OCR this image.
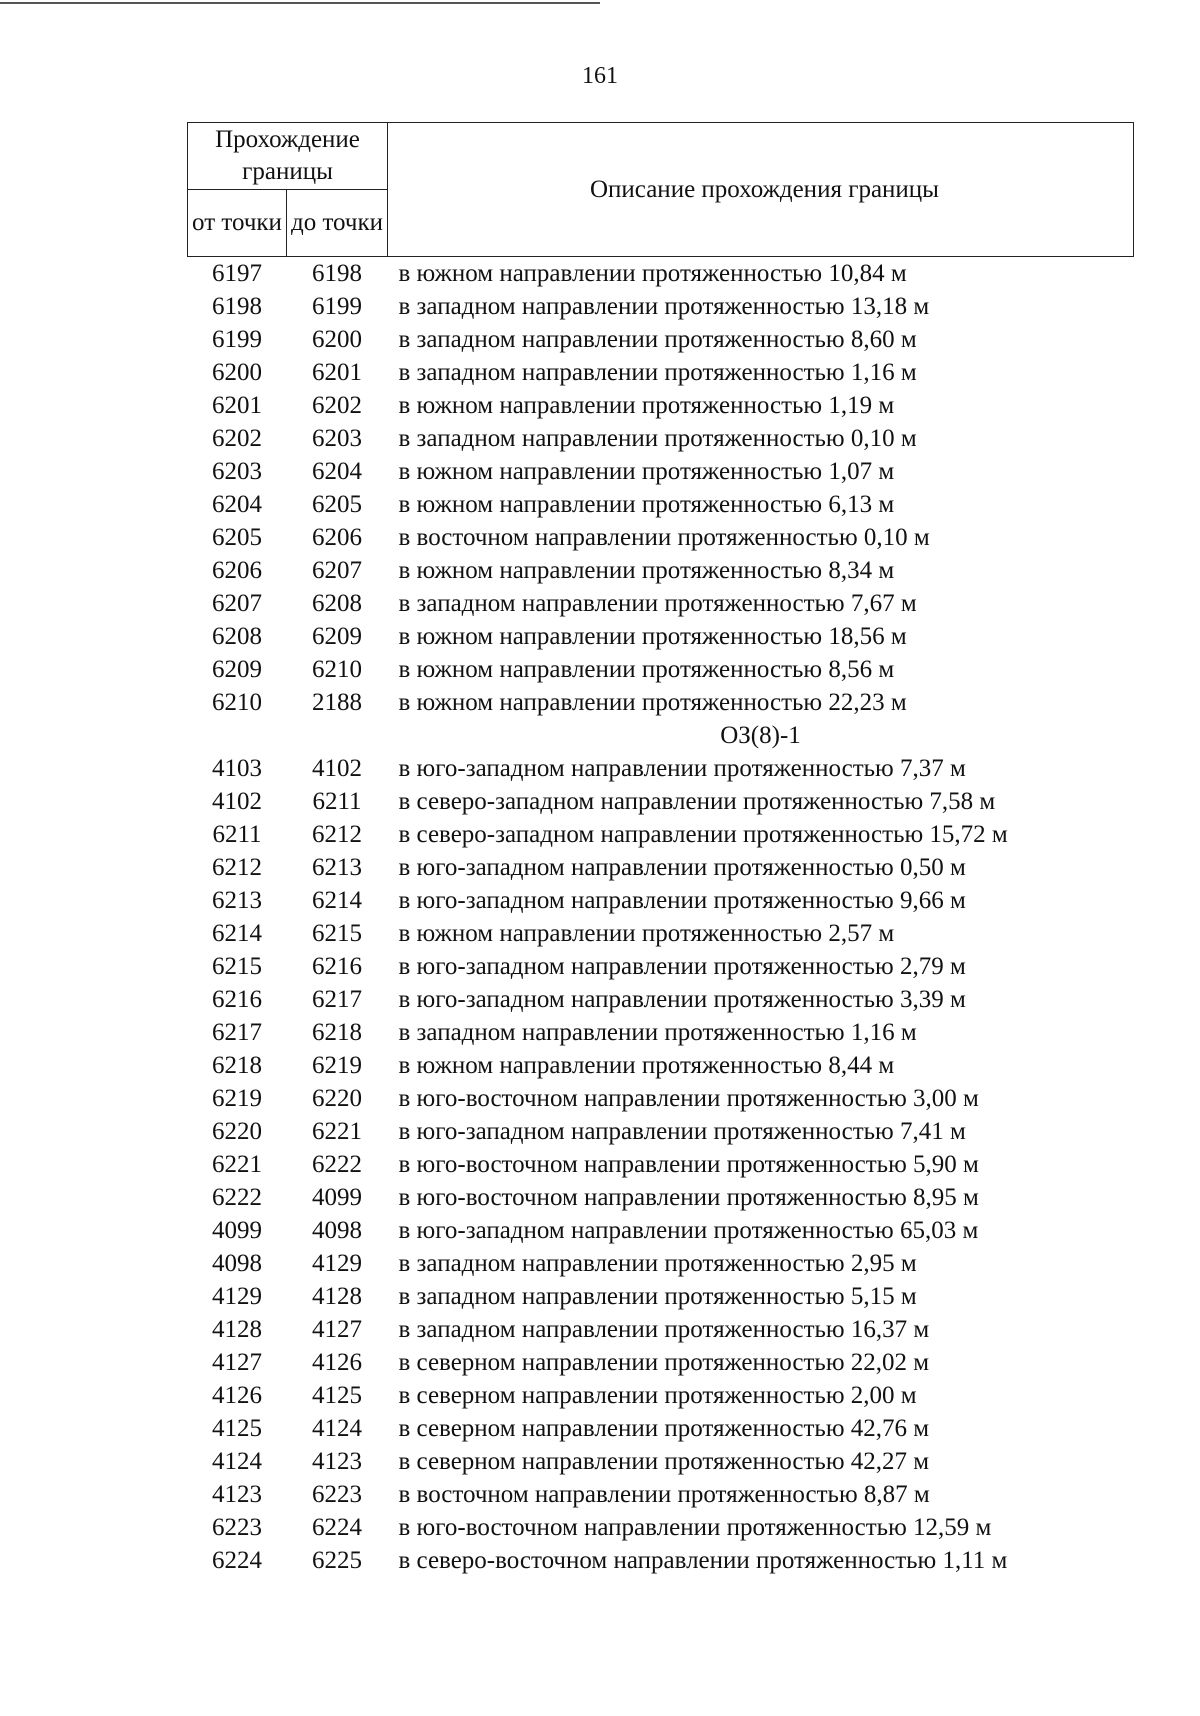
161
Прохождение границы		Описание прохождения границы
от точки	до точки	
6197	6198	в южном направлении протяженностью 10,84 м
6198	6199	в западном направлении протяженностью 13,18 м
6199	6200	в западном направлении протяженностью 8,60 м
6200	6201	в западном направлении протяженностью 1,16 м
6201	6202	в южном направлении протяженностью 1,19 м
6202	6203	в западном направлении протяженностью 0,10 м
6203	6204	в южном направлении протяженностью 1,07 м
6204	6205	в южном направлении протяженностью 6,13 м
6205	6206	в восточном направлении протяженностью 0,10 м
6206	6207	в южном направлении протяженностью 8,34 м
6207	6208	в западном направлении протяженностью 7,67 м
6208	6209	в южном направлении протяженностью 18,56 м
6209	6210	в южном направлении протяженностью 8,56 м
6210	2188	в южном направлении протяженностью 22,23 м
ОЗ(8)-1		
4103	4102	в юго-западном направлении протяженностью 7,37 м
4102	6211	в северо-западном направлении протяженностью 7,58 м
6211	6212	в северо-западном направлении протяженностью 15,72 м
6212	6213	в юго-западном направлении протяженностью 0,50 м
6213	6214	в юго-западном направлении протяженностью 9,66 м
6214	6215	в южном направлении протяженностью 2,57 м
6215	6216	в юго-западном направлении протяженностью 2,79 м
6216	6217	в юго-западном направлении протяженностью 3,39 м
6217	6218	в западном направлении протяженностью 1,16 м
6218	6219	в южном направлении протяженностью 8,44 м
6219	6220	в юго-восточном направлении протяженностью 3,00 м
6220	6221	в юго-западном направлении протяженностью 7,41 м
6221	6222	в юго-восточном направлении протяженностью 5,90 м
6222	4099	в юго-восточном направлении протяженностью 8,95 м
4099	4098	в юго-западном направлении протяженностью 65,03 м
4098	4129	в западном направлении протяженностью 2,95 м
4129	4128	в западном направлении протяженностью 5,15 м
4128	4127	в западном направлении протяженностью 16,37 м
4127	4126	в северном направлении протяженностью 22,02 м
4126	4125	в северном направлении протяженностью 2,00 м
4125	4124	в северном направлении протяженностью 42,76 м
4124	4123	в северном направлении протяженностью 42,27 м
4123	6223	в восточном направлении протяженностью 8,87 м
6223	6224	в юго-восточном направлении протяженностью 12,59 м
6224	6225	в северо-восточном направлении протяженностью 1,11 м
